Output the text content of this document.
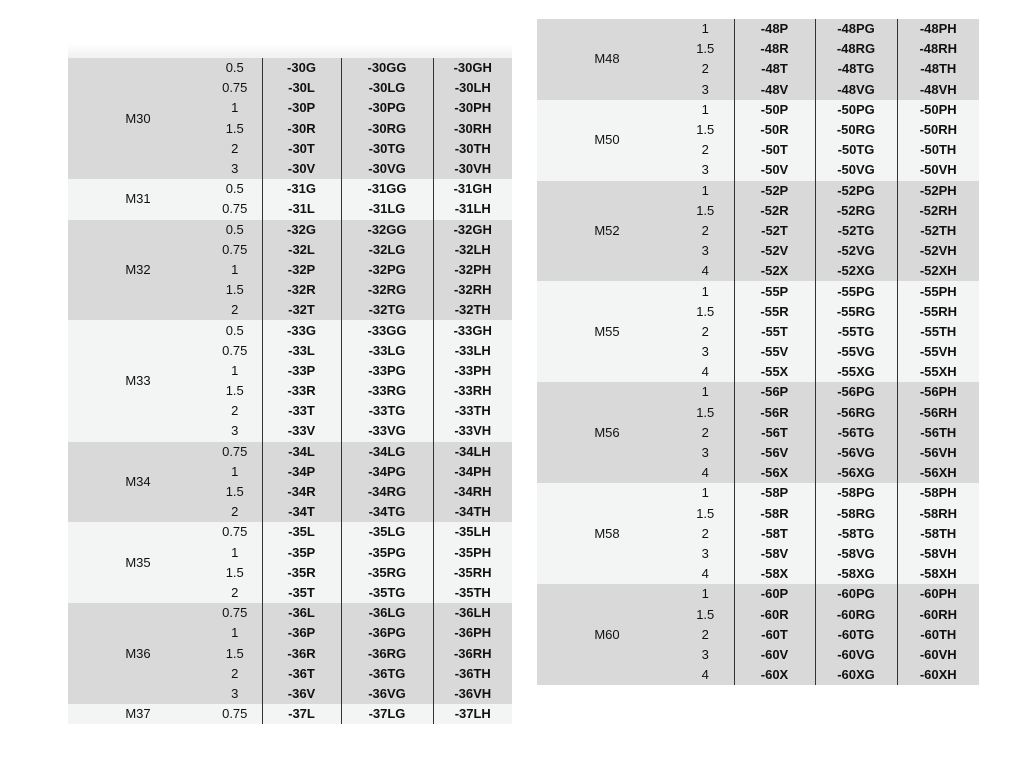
M30	0.5	-30G	-30GG	-30GH
	0.75	-30L	-30LG	-30LH
	1	-30P	-30PG	-30PH
	1.5	-30R	-30RG	-30RH
	2	-30T	-30TG	-30TH
	3	-30V	-30VG	-30VH
M31	0.5	-31G	-31GG	-31GH
	0.75	-31L	-31LG	-31LH
M32	0.5	-32G	-32GG	-32GH
	0.75	-32L	-32LG	-32LH
	1	-32P	-32PG	-32PH
	1.5	-32R	-32RG	-32RH
	2	-32T	-32TG	-32TH
M33	0.5	-33G	-33GG	-33GH
	0.75	-33L	-33LG	-33LH
	1	-33P	-33PG	-33PH
	1.5	-33R	-33RG	-33RH
	2	-33T	-33TG	-33TH
	3	-33V	-33VG	-33VH
M34	0.75	-34L	-34LG	-34LH
	1	-34P	-34PG	-34PH
	1.5	-34R	-34RG	-34RH
	2	-34T	-34TG	-34TH
M35	0.75	-35L	-35LG	-35LH
	1	-35P	-35PG	-35PH
	1.5	-35R	-35RG	-35RH
	2	-35T	-35TG	-35TH
M36	0.75	-36L	-36LG	-36LH
	1	-36P	-36PG	-36PH
	1.5	-36R	-36RG	-36RH
	2	-36T	-36TG	-36TH
	3	-36V	-36VG	-36VH
M37	0.75	-37L	-37LG	-37LH
M48	1	-48P	-48PG	-48PH
	1.5	-48R	-48RG	-48RH
	2	-48T	-48TG	-48TH
	3	-48V	-48VG	-48VH
M50	1	-50P	-50PG	-50PH
	1.5	-50R	-50RG	-50RH
	2	-50T	-50TG	-50TH
	3	-50V	-50VG	-50VH
M52	1	-52P	-52PG	-52PH
	1.5	-52R	-52RG	-52RH
	2	-52T	-52TG	-52TH
	3	-52V	-52VG	-52VH
	4	-52X	-52XG	-52XH
M55	1	-55P	-55PG	-55PH
	1.5	-55R	-55RG	-55RH
	2	-55T	-55TG	-55TH
	3	-55V	-55VG	-55VH
	4	-55X	-55XG	-55XH
M56	1	-56P	-56PG	-56PH
	1.5	-56R	-56RG	-56RH
	2	-56T	-56TG	-56TH
	3	-56V	-56VG	-56VH
	4	-56X	-56XG	-56XH
M58	1	-58P	-58PG	-58PH
	1.5	-58R	-58RG	-58RH
	2	-58T	-58TG	-58TH
	3	-58V	-58VG	-58VH
	4	-58X	-58XG	-58XH
M60	1	-60P	-60PG	-60PH
	1.5	-60R	-60RG	-60RH
	2	-60T	-60TG	-60TH
	3	-60V	-60VG	-60VH
	4	-60X	-60XG	-60XH
